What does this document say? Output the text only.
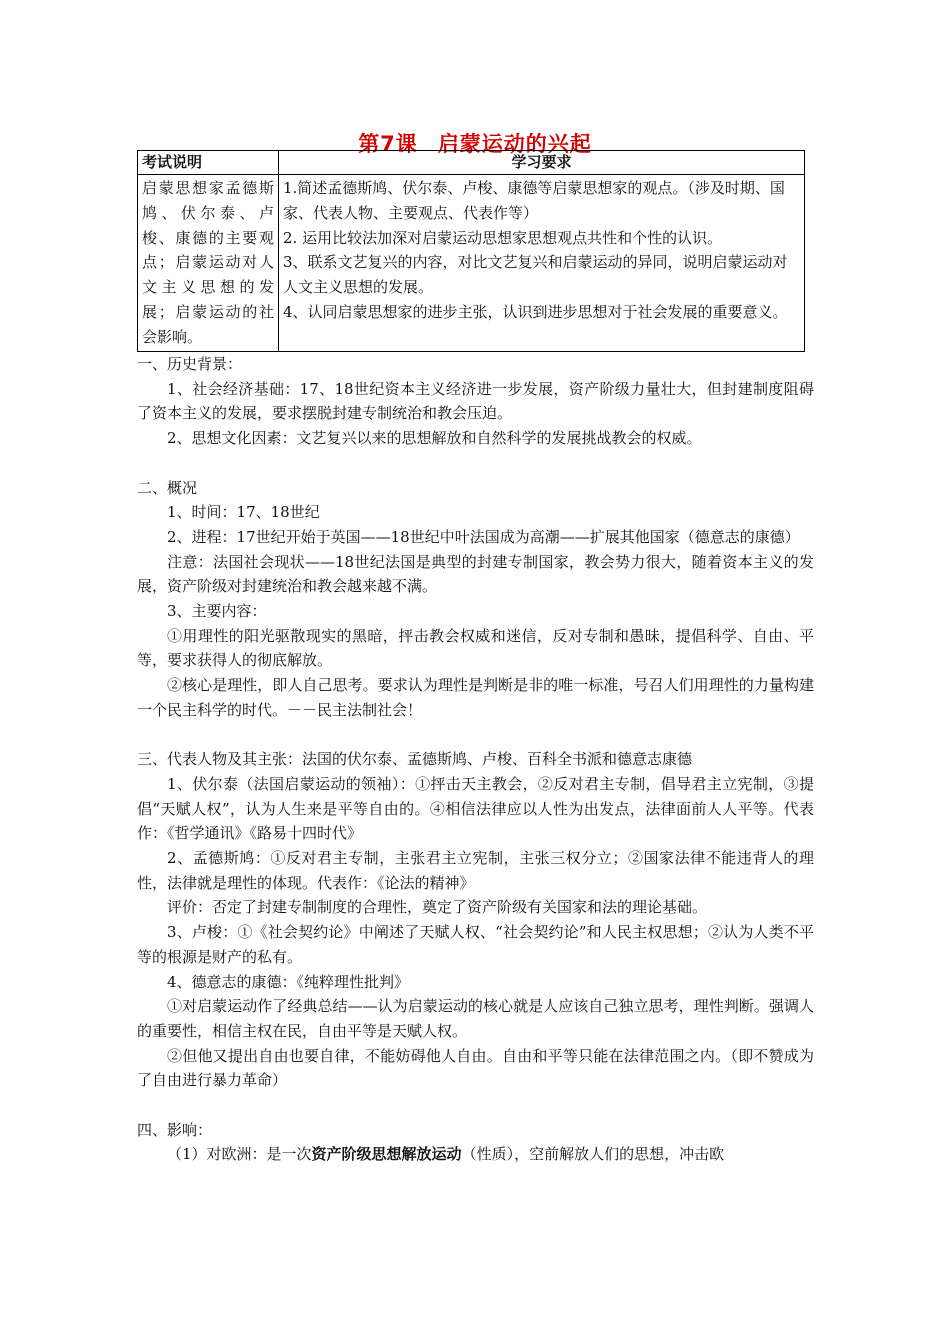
第7课 启蒙运动的兴起
考试说明	学习要求
启蒙思想家孟德斯鸠、伏尔泰、卢梭、康德的主要观点；启蒙运动对人文主义思想的发展；启蒙运动的社会影响。	1.简述孟德斯鸠、伏尔泰、卢梭、康德等启蒙思想家的观点。（涉及时期、国家、代表人物、主要观点、代表作等）
2. 运用比较法加深对启蒙运动思想家思想观点共性和个性的认识。
3、联系文艺复兴的内容，对比文艺复兴和启蒙运动的异同，说明启蒙运动对人文主义思想的发展。
4、认同启蒙思想家的进步主张，认识到进步思想对于社会发展的重要意义。

一、历史背景：

1、社会经济基础：17、18世纪资本主义经济进一步发展，资产阶级力量壮大，但封建制度阻碍了资本主义的发展，要求摆脱封建专制统治和教会压迫。

2、思想文化因素：文艺复兴以来的思想解放和自然科学的发展挑战教会的权威。

二、概况

1、时间：17、18世纪

2、进程：17世纪开始于英国——18世纪中叶法国成为高潮——扩展其他国家（德意志的康德）

注意：法国社会现状——18世纪法国是典型的封建专制国家，教会势力很大，随着资本主义的发展，资产阶级对封建统治和教会越来越不满。

3、主要内容：

①用理性的阳光驱散现实的黑暗，抨击教会权威和迷信，反对专制和愚昧，提倡科学、自由、平等，要求获得人的彻底解放。

②核心是理性，即人自己思考。要求认为理性是判断是非的唯一标准，号召人们用理性的力量构建一个民主科学的时代。－－民主法制社会！

三、代表人物及其主张：法国的伏尔泰、孟德斯鸠、卢梭、百科全书派和德意志康德

1、伏尔泰（法国启蒙运动的领袖）：①抨击天主教会，②反对君主专制，倡导君主立宪制，③提倡“天赋人权”，认为人生来是平等自由的。④相信法律应以人性为出发点，法律面前人人平等。代表作：《哲学通讯》《路易十四时代》

2、孟德斯鸠：①反对君主专制，主张君主立宪制，主张三权分立；②国家法律不能违背人的理性，法律就是理性的体现。代表作：《论法的精神》

评价：否定了封建专制制度的合理性，奠定了资产阶级有关国家和法的理论基础。

3、卢梭：①《社会契约论》中阐述了天赋人权、“社会契约论”和人民主权思想；②认为人类不平等的根源是财产的私有。

4、德意志的康德：《纯粹理性批判》

①对启蒙运动作了经典总结——认为启蒙运动的核心就是人应该自己独立思考，理性判断。强调人的重要性，相信主权在民，自由平等是天赋人权。

②但他又提出自由也要自律，不能妨碍他人自由。自由和平等只能在法律范围之内。（即不赞成为了自由进行暴力革命）

四、影响：

（1）对欧洲：是一次资产阶级思想解放运动（性质），空前解放人们的思想，冲击欧
